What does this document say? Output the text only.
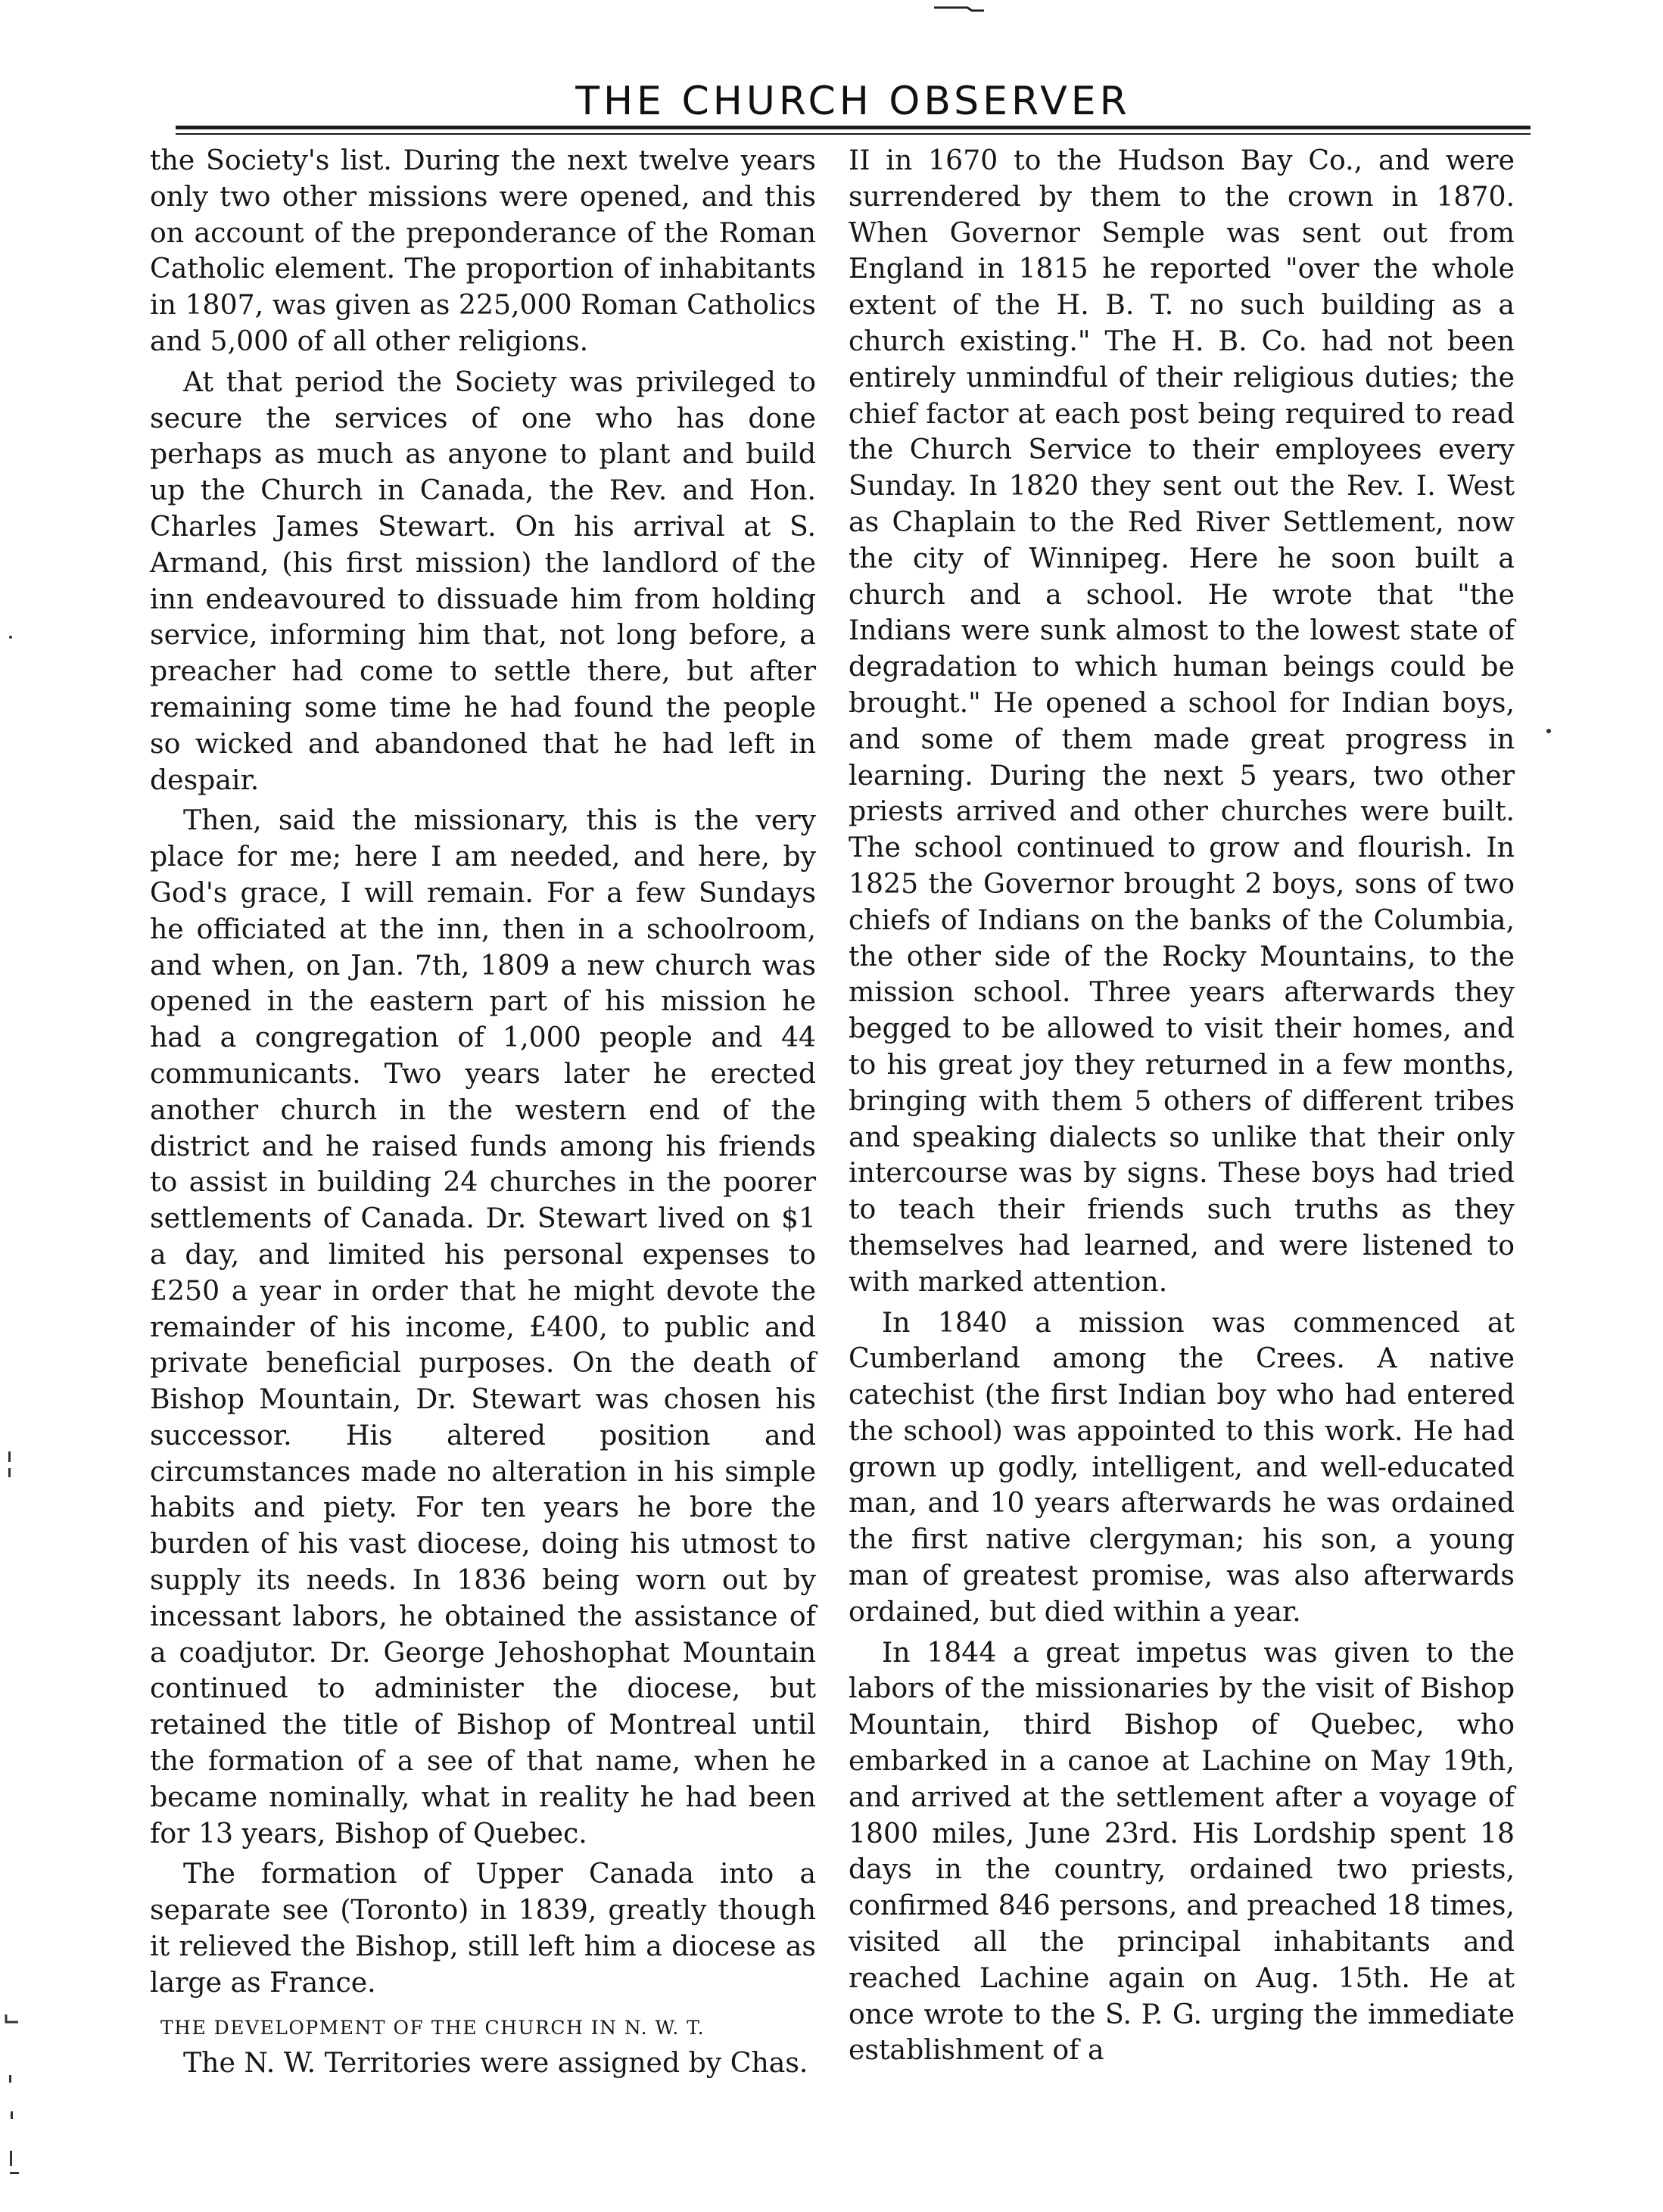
THE CHURCH OBSERVER

the Society's list. During the next twelve years only two other missions were opened, and this on account of the preponderance of the Roman Catholic element. The proportion of inhabitants in 1807, was given as 225,000 Roman Catholics and 5,000 of all other religions.

At that period the Society was privileged to secure the services of one who has done perhaps as much as anyone to plant and build up the Church in Canada, the Rev. and Hon. Charles James Stewart. On his arrival at S. Armand, (his first mission) the landlord of the inn endeavoured to dissuade him from holding service, informing him that, not long before, a preacher had come to settle there, but after remaining some time he had found the people so wicked and abandoned that he had left in despair.

Then, said the missionary, this is the very place for me; here I am needed, and here, by God's grace, I will remain. For a few Sundays he officiated at the inn, then in a schoolroom, and when, on Jan. 7th, 1809 a new church was opened in the eastern part of his mission he had a congregation of 1,000 people and 44 communicants. Two years later he erected another church in the western end of the district and he raised funds among his friends to assist in building 24 churches in the poorer settlements of Canada. Dr. Stewart lived on $1 a day, and limited his personal expenses to £250 a year in order that he might devote the remainder of his income, £400, to public and private beneficial purposes. On the death of Bishop Mountain, Dr. Stewart was chosen his successor. His altered position and circumstances made no alteration in his simple habits and piety. For ten years he bore the burden of his vast diocese, doing his utmost to supply its needs. In 1836 being worn out by incessant labors, he obtained the assistance of a coadjutor. Dr. George Jehoshophat Mountain continued to administer the diocese, but retained the title of Bishop of Montreal until the formation of a see of that name, when he became nominally, what in reality he had been for 13 years, Bishop of Quebec.

The formation of Upper Canada into a separate see (Toronto) in 1839, greatly though it relieved the Bishop, still left him a diocese as large as France.

THE DEVELOPMENT OF THE CHURCH IN N. W. T.

The N. W. Territories were assigned by Chas.

II in 1670 to the Hudson Bay Co., and were surrendered by them to the crown in 1870. When Governor Semple was sent out from England in 1815 he reported "over the whole extent of the H. B. T. no such building as a church existing." The H. B. Co. had not been entirely unmindful of their religious duties; the chief factor at each post being required to read the Church Service to their employees every Sunday. In 1820 they sent out the Rev. I. West as Chaplain to the Red River Settlement, now the city of Winnipeg. Here he soon built a church and a school. He wrote that "the Indians were sunk almost to the lowest state of degradation to which human beings could be brought." He opened a school for Indian boys, and some of them made great progress in learning. During the next 5 years, two other priests arrived and other churches were built. The school continued to grow and flourish. In 1825 the Governor brought 2 boys, sons of two chiefs of Indians on the banks of the Columbia, the other side of the Rocky Mountains, to the mission school. Three years afterwards they begged to be allowed to visit their homes, and to his great joy they returned in a few months, bringing with them 5 others of different tribes and speaking dialects so unlike that their only intercourse was by signs. These boys had tried to teach their friends such truths as they themselves had learned, and were listened to with marked attention.

In 1840 a mission was commenced at Cumberland among the Crees. A native catechist (the first Indian boy who had entered the school) was appointed to this work. He had grown up godly, intelligent, and well-educated man, and 10 years afterwards he was ordained the first native clergyman; his son, a young man of greatest promise, was also afterwards ordained, but died within a year.

In 1844 a great impetus was given to the labors of the missionaries by the visit of Bishop Mountain, third Bishop of Quebec, who embarked in a canoe at Lachine on May 19th, and arrived at the settlement after a voyage of 1800 miles, June 23rd. His Lordship spent 18 days in the country, ordained two priests, confirmed 846 persons, and preached 18 times, visited all the principal inhabitants and reached Lachine again on Aug. 15th. He at once wrote to the S. P. G. urging the immediate establishment of a
